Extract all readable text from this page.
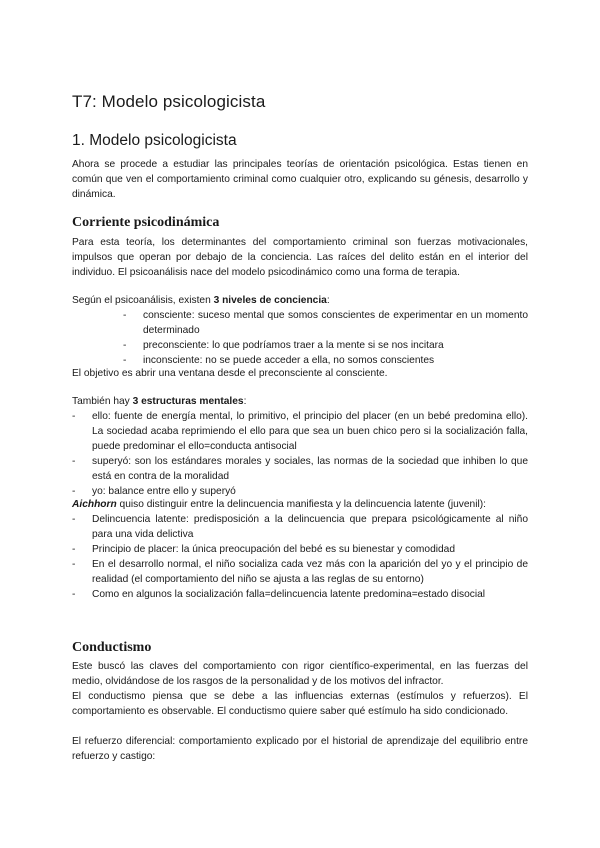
T7: Modelo psicologicista
1. Modelo psicologicista

Ahora se procede a estudiar las principales teorías de orientación psicológica. Estas tienen en común que ven el comportamiento criminal como cualquier otro, explicando su génesis, desarrollo y dinámica.

Corriente psicodinámica

Para esta teoría, los determinantes del comportamiento criminal son fuerzas motivacionales, impulsos que operan por debajo de la conciencia. Las raíces del delito están en el interior del individuo. El psicoanálisis nace del modelo psicodinámico como una forma de terapia.

Según el psicoanálisis, existen 3 niveles de conciencia:

- consciente: suceso mental que somos conscientes de experimentar en un momento determinado
- preconsciente: lo que podríamos traer a la mente si se nos incitara
- inconsciente: no se puede acceder a ella, no somos conscientes

El objetivo es abrir una ventana desde el preconsciente al consciente.

También hay 3 estructuras mentales:

- ello: fuente de energía mental, lo primitivo, el principio del placer (en un bebé predomina ello). La sociedad acaba reprimiendo el ello para que sea un buen chico pero si la socialización falla, puede predominar el ello=conducta antisocial
- superyó: son los estándares morales y sociales, las normas de la sociedad que inhiben lo que está en contra de la moralidad
- yo: balance entre ello y superyó

Aichhorn quiso distinguir entre la delincuencia manifiesta y la delincuencia latente (juvenil):

- Delincuencia latente: predisposición a la delincuencia que prepara psicológicamente al niño para una vida delictiva
- Principio de placer: la única preocupación del bebé es su bienestar y comodidad
- En el desarrollo normal, el niño socializa cada vez más con la aparición del yo y el principio de realidad (el comportamiento del niño se ajusta a las reglas de su entorno)
- Como en algunos la socialización falla=delincuencia latente predomina=estado disocial
Conductismo

Este buscó las claves del comportamiento con rigor científico-experimental, en las fuerzas del medio, olvidándose de los rasgos de la personalidad y de los motivos del infractor.

El conductismo piensa que se debe a las influencias externas (estímulos y refuerzos). El comportamiento es observable. El conductismo quiere saber qué estímulo ha sido condicionado.

El refuerzo diferencial: comportamiento explicado por el historial de aprendizaje del equilibrio entre refuerzo y castigo:
